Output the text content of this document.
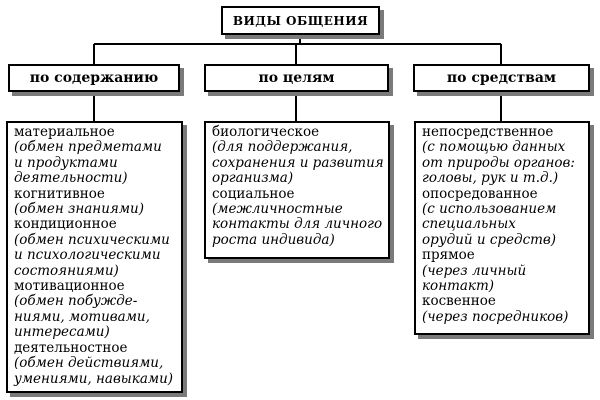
ВИДЫ ОБЩЕНИЯ
по содержанию	по целям	по средствам
материальное
(обмен предметами
и продуктами
деятельности)
когнитивное
(обмен знаниями)
кондиционное
(обмен психическими
и психологическими
состояниями)
мотивационное
(обмен побужде-
ниями, мотивами,
интересами)
деятельностное
(обмен действиями,
умениями, навыками)
биологическое
(для поддержания,
сохранения и развития
организма)
социальное
(межличностные
контакты для личного
роста индивида)
непосредственное
(с помощью данных
от природы органов:
головы, рук и т.д.)
опосредованное
(с использованием
специальных
орудий и средств)
прямое
(через личный
контакт)
косвенное
(через посредников)
